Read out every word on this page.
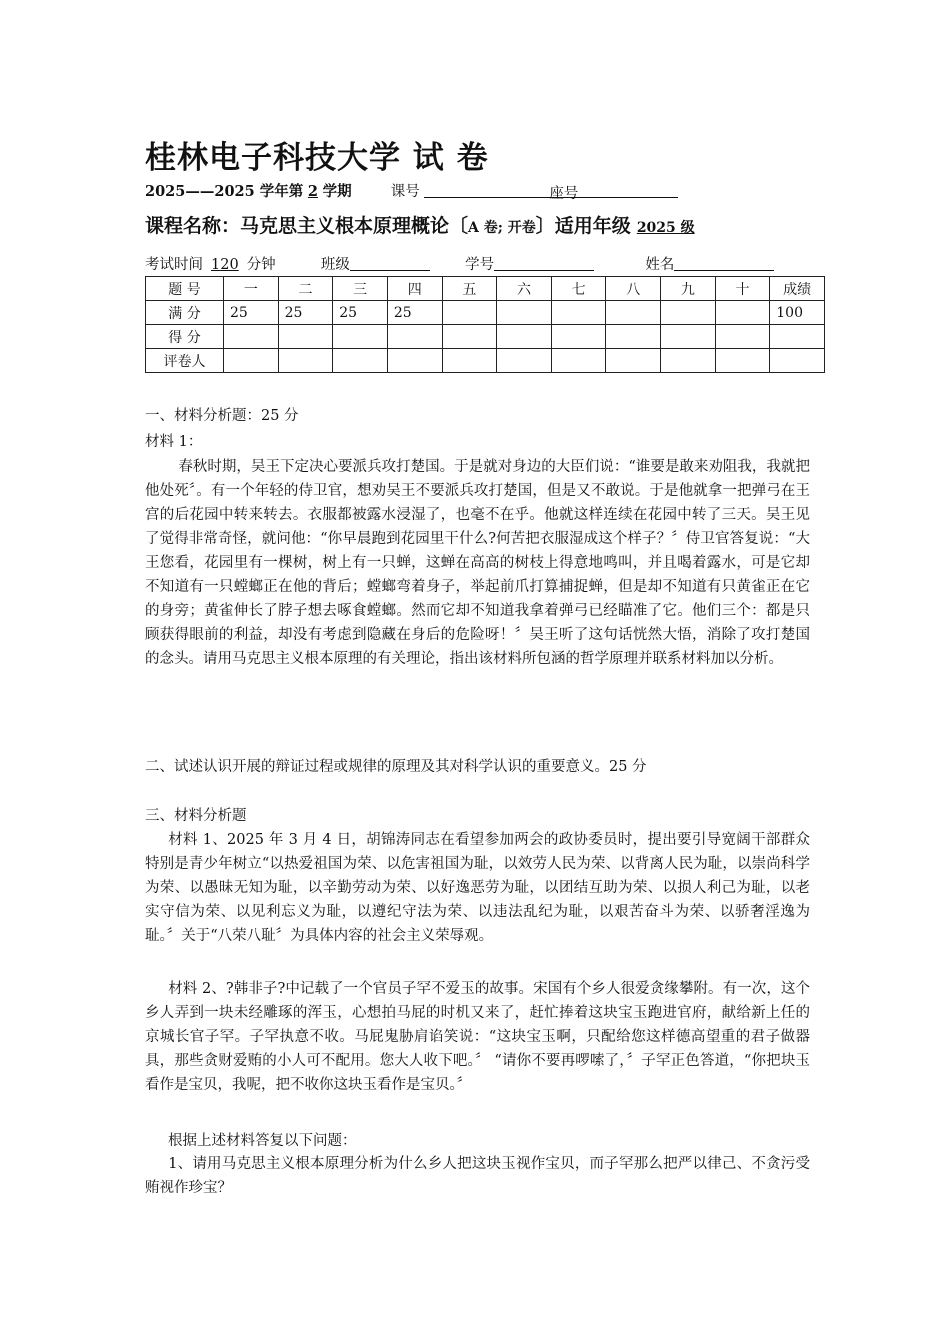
桂林电子科技大学 试 卷
2025——2025 学年第 2 学期	课号	座号
课程名称：马克思主义根本原理概论〔A 卷; 开卷〕适用年级 2025 级
考试时间 120 分钟	班级	学号	姓名
题 号	一	二	三	四	五	六	七	八	九	十	成绩
满 分	25	25	25	25							100
得 分											
评卷人											
一、材料分析题：25 分
材料 1：
春秋时期，吴王下定决心要派兵攻打楚国。于是就对身边的大臣们说：“谁要是敢来劝阻我，我就把他处死〞。有一个年轻的侍卫官，想劝吴王不要派兵攻打楚国，但是又不敢说。于是他就拿一把弹弓在王宫的后花园中转来转去。衣服都被露水浸湿了，也毫不在乎。他就这样连续在花园中转了三天。吴王见了觉得非常奇怪，就问他：“你早晨跑到花园里干什么?何苦把衣服湿成这个样子？〞侍卫官答复说：“大王您看，花园里有一棵树，树上有一只蝉，这蝉在高高的树枝上得意地鸣叫，并且喝着露水，可是它却不知道有一只螳螂正在他的背后；螳螂弯着身子，举起前爪打算捕捉蝉，但是却不知道有只黄雀正在它的身旁；黄雀伸长了脖子想去啄食螳螂。然而它却不知道我拿着弹弓已经瞄准了它。他们三个：都是只顾获得眼前的利益，却没有考虑到隐藏在身后的危险呀！〞吴王听了这句话恍然大悟，消除了攻打楚国的念头。请用马克思主义根本原理的有关理论，指出该材料所包涵的哲学原理并联系材料加以分析。
二、试述认识开展的辩证过程或规律的原理及其对科学认识的重要意义。25 分
三、材料分析题
材料 1、2025 年 3 月 4 日，胡锦涛同志在看望参加两会的政协委员时，提出要引导宽阔干部群众特别是青少年树立“以热爱祖国为荣、以危害祖国为耻，以效劳人民为荣、以背离人民为耻，以崇尚科学为荣、以愚昧无知为耻，以辛勤劳动为荣、以好逸恶劳为耻，以团结互助为荣、以损人利己为耻，以老实守信为荣、以见利忘义为耻，以遵纪守法为荣、以违法乱纪为耻，以艰苦奋斗为荣、以骄奢淫逸为耻。〞关于“八荣八耻〞为具体内容的社会主义荣辱观。
材料 2、?韩非子?中记载了一个官员子罕不爱玉的故事。宋国有个乡人很爱贪缘攀附。有一次，这个乡人弄到一块未经雕琢的浑玉，心想拍马屁的时机又来了，赶忙捧着这块宝玉跑进官府，献给新上任的京城长官子罕。子罕执意不收。马屁鬼胁肩谄笑说：“这块宝玉啊，只配给您这样德高望重的君子做器具，那些贪财爱贿的小人可不配用。您大人收下吧。〞 “请你不要再啰嗦了，〞子罕正色答道，“你把块玉看作是宝贝，我呢，把不收你这块玉看作是宝贝。〞
根据上述材料答复以下问题：
1、请用马克思主义根本原理分析为什么乡人把这块玉视作宝贝，而子罕那么把严以律己、不贪污受贿视作珍宝？
